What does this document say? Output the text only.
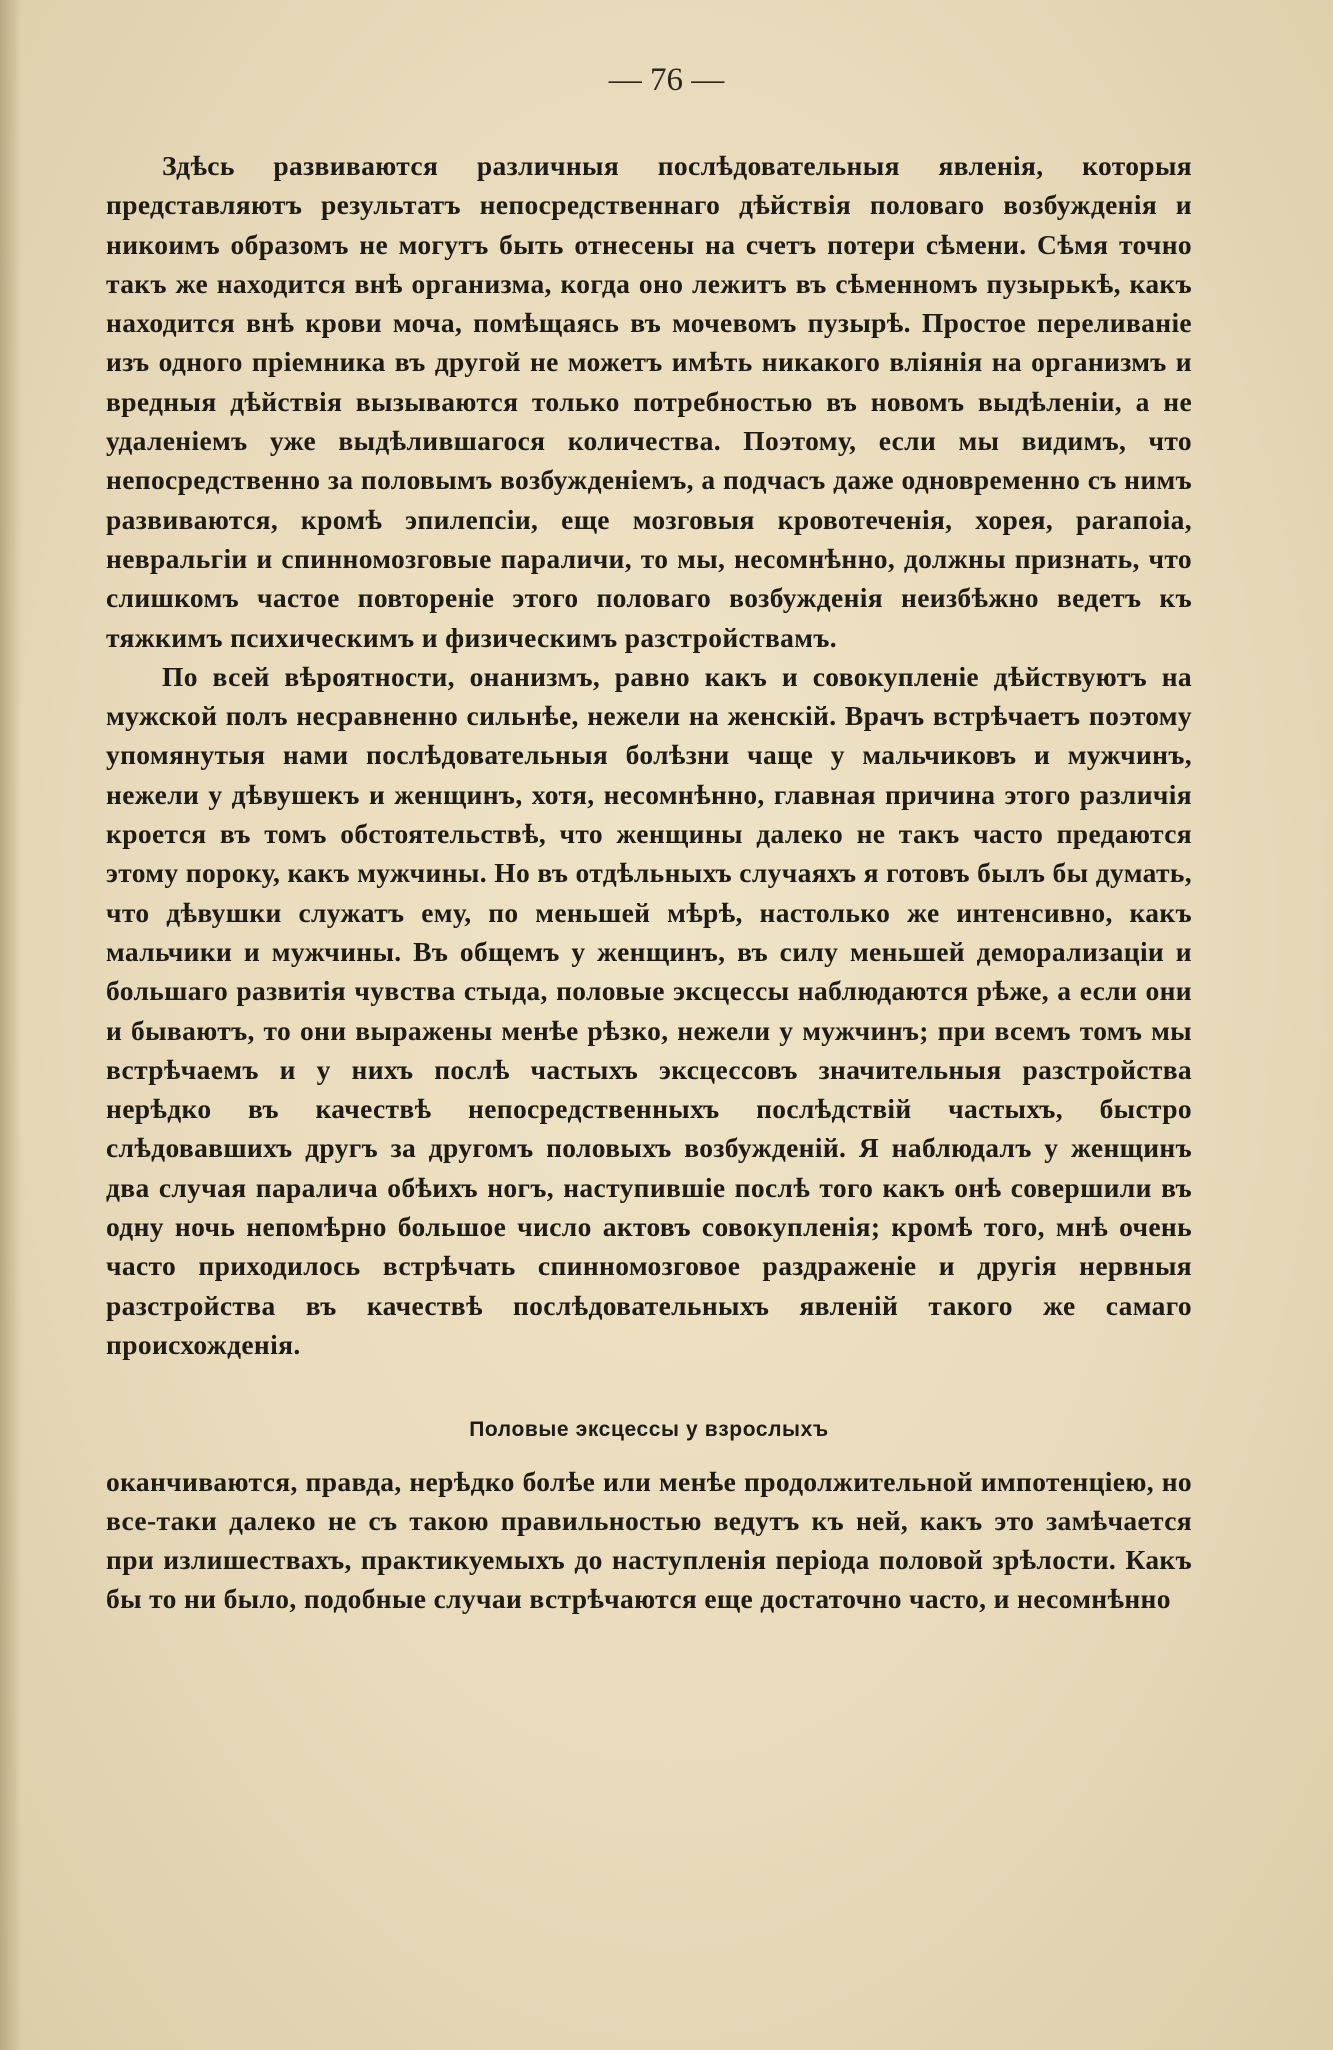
— 76 —

Здѣсь развиваются различныя послѣдовательныя явленія, которыя представляютъ результатъ непосредственнаго дѣйствія половаго возбужденія и никоимъ образомъ не могутъ быть отнесены на счетъ потери сѣмени. Сѣмя точно такъ же находится внѣ организма, когда оно лежитъ въ сѣменномъ пузырькѣ, какъ находится внѣ крови моча, помѣщаясь въ мочевомъ пузырѣ. Простое переливаніе изъ одного пріемника въ другой не можетъ имѣть никакого вліянія на организмъ и вредныя дѣйствія вызываются только потребностью въ новомъ выдѣленіи, а не удаленіемъ уже выдѣлившагося количества. Поэтому, если мы видимъ, что непосредственно за половымъ возбужденіемъ, а подчасъ даже одновременно съ нимъ развиваются, кромѣ эпилепсіи, еще мозговыя кровотеченія, хорея, paraпоіа, невральгіи и спинномозговые параличи, то мы, несомнѣнно, должны признать, что слишкомъ частое повтореніе этого половаго возбужденія неизбѣжно ведетъ къ тяжкимъ психическимъ и физическимъ разстройствамъ.

По всей вѣроятности, онанизмъ, равно какъ и совокупленіе дѣйствуютъ на мужской полъ несравненно сильнѣе, нежели на женскій. Врачъ встрѣчаетъ поэтому упомянутыя нами послѣдовательныя болѣзни чаще у мальчиковъ и мужчинъ, нежели у дѣвушекъ и женщинъ, хотя, несомнѣнно, главная причина этого различія кроется въ томъ обстоятельствѣ, что женщины далеко не такъ часто предаются этому пороку, какъ мужчины. Но въ отдѣльныхъ случаяхъ я готовъ былъ бы думать, что дѣвушки служатъ ему, по меньшей мѣрѣ, настолько же интенсивно, какъ мальчики и мужчины. Въ общемъ у женщинъ, въ силу меньшей деморализаціи и большаго развитія чувства стыда, половые эксцессы наблюдаются рѣже, а если они и бываютъ, то они выражены менѣе рѣзко, нежели у мужчинъ; при всемъ томъ мы встрѣчаемъ и у нихъ послѣ частыхъ эксцессовъ значительныя разстройства нерѣдко въ качествѣ непосредственныхъ послѣдствій частыхъ, быстро слѣдовавшихъ другъ за другомъ половыхъ возбужденій. Я наблюдалъ у женщинъ два случая паралича обѣихъ ногъ, наступившіе послѣ того какъ онѣ совершили въ одну ночь непомѣрно большое число актовъ совокупленія; кромѣ того, мнѣ очень часто приходилось встрѣчать спинномозговое раздраженіе и другія нервныя разстройства въ качествѣ послѣдовательныхъ явленій такого же самаго происхожденія.

Половые эксцессы у взрослыхъ

оканчиваются, правда, нерѣдко болѣе или менѣе продолжительной импотенціею, но все-таки далеко не съ такою правильностью ведутъ къ ней, какъ это замѣчается при излишествахъ, практикуемыхъ до наступленія періода половой зрѣлости. Какъ бы то ни было, подобные случаи встрѣчаются еще достаточно часто, и несомнѣнно
